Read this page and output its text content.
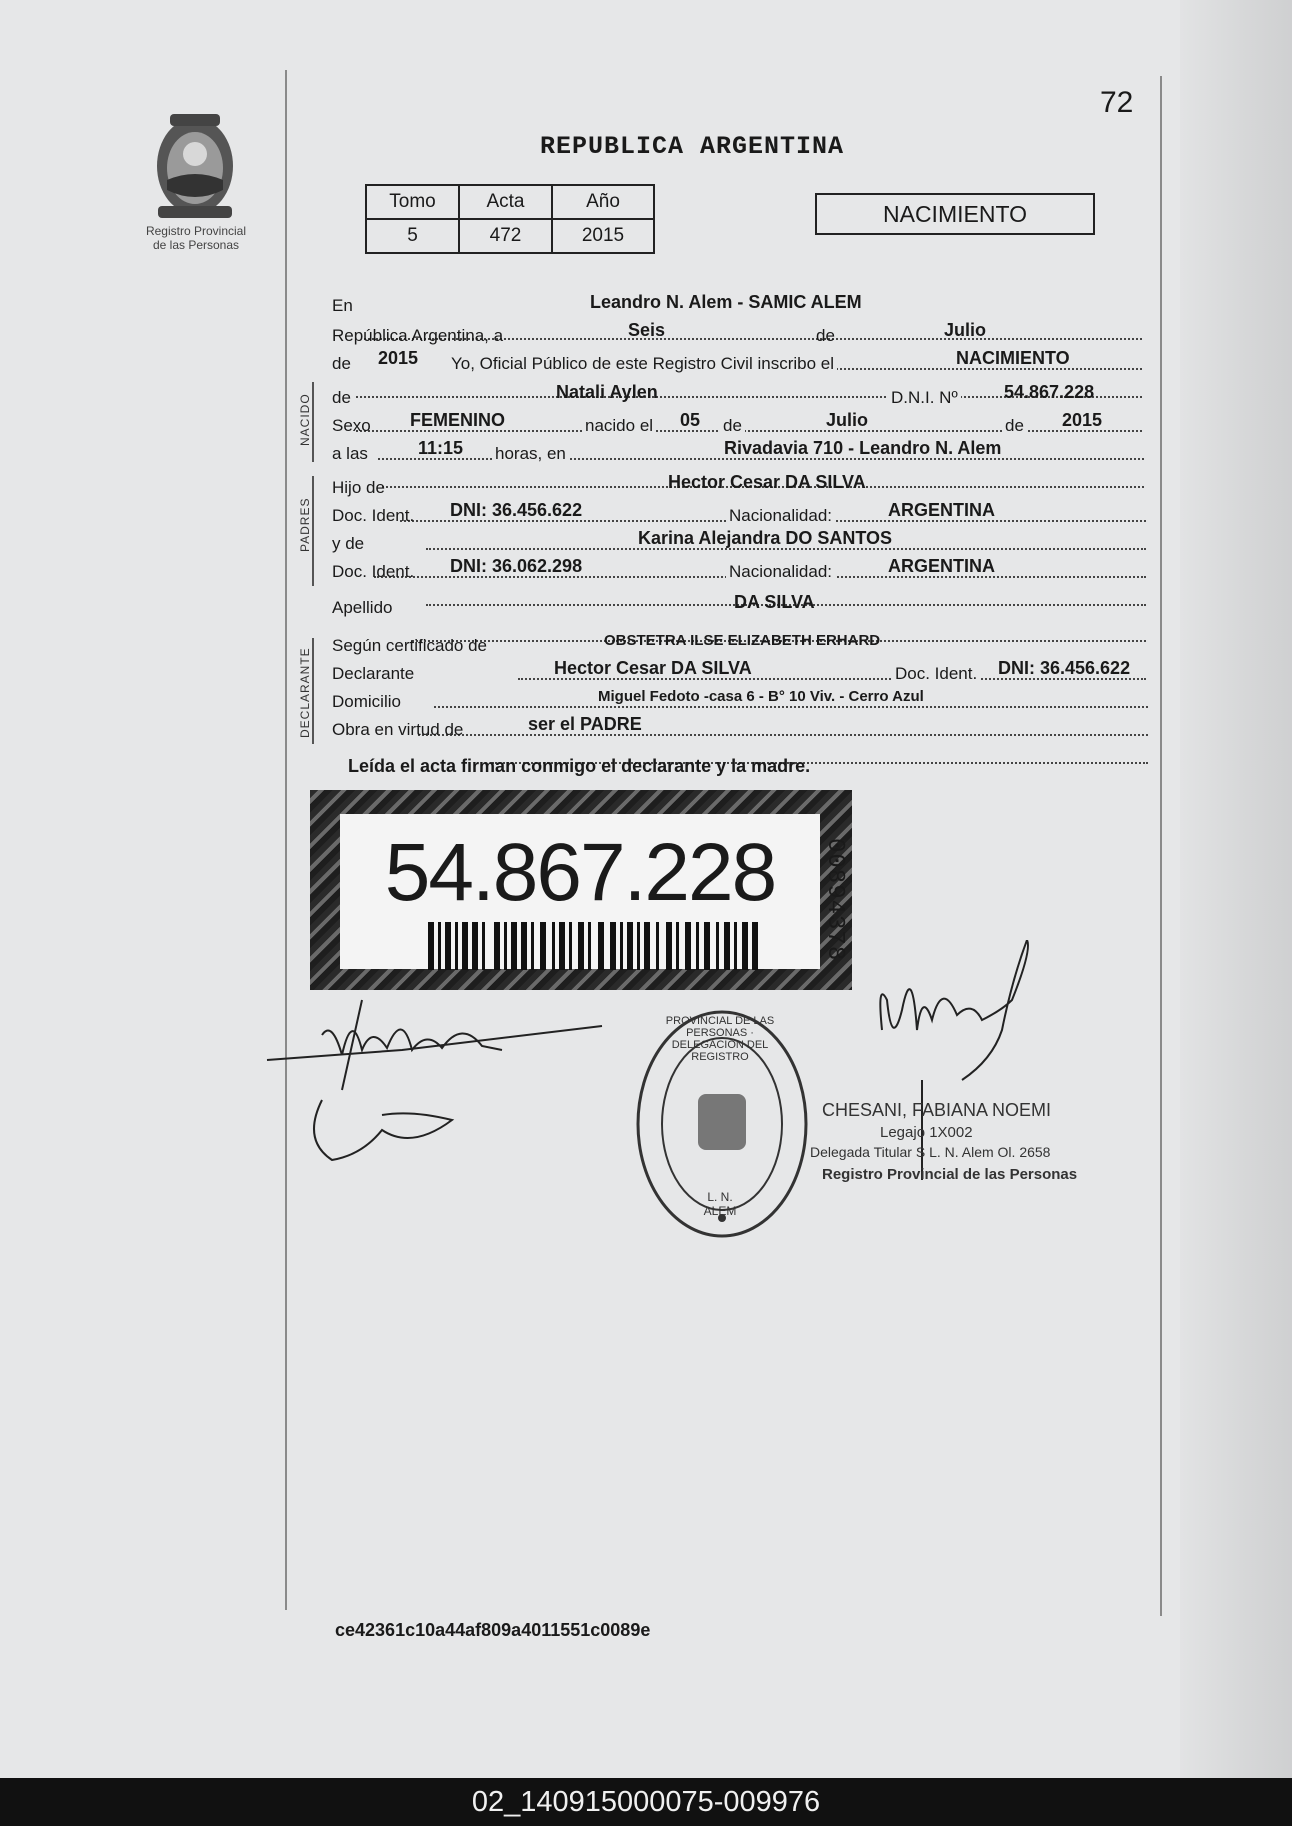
72
REPUBLICA ARGENTINA
Registro Provincial
de las Personas
Tomo	Acta	Año
5	472	2015
NACIMIENTO
En	Leandro N. Alem - SAMIC ALEM
República Argentina, a	Seis	de	Julio
de 2015 Yo, Oficial Público de este Registro Civil inscribo el	NACIMIENTO
NACIDO de	Natali Aylen	D.N.I. Nº	54.867.228
Sexo FEMENINO	nacido el 05 de	Julio	de 2015
a las	11:15 horas, en	Rivadavia 710 - Leandro N. Alem
PADRES
Hijo de	Hector Cesar DA SILVA
Doc. Ident. DNI: 36.456.622	Nacionalidad:	ARGENTINA
y de	Karina Alejandra DO SANTOS
Doc. Ident. DNI: 36.062.298	Nacionalidad:	ARGENTINA
Apellido	DA SILVA
DECLARANTE
Según certificado de	OBSTETRA ILSE ELIZABETH ERHARD
Declarante	Hector Cesar DA SILVA	Doc. Ident. DNI: 36.456.622
Domicilio	Miguel Fedoto -casa 6 - B° 10 Viv. - Cerro Azul
Obra en virtud de	ser el PADRE
Leída el acta firman conmigo el declarante y la madre.
54.867.228	00894378
PROVINCIAL DE LAS PERSONAS · DELEGACION DEL REGISTRO
L. N. ALEM
CHESANI, FABIANA NOEMI
Legajo 1X002
Delegada Titular S L. N. Alem Ol. 2658
Registro Provincial de las Personas
ce42361c10a44af809a4011551c0089e
02_140915000075-009976
